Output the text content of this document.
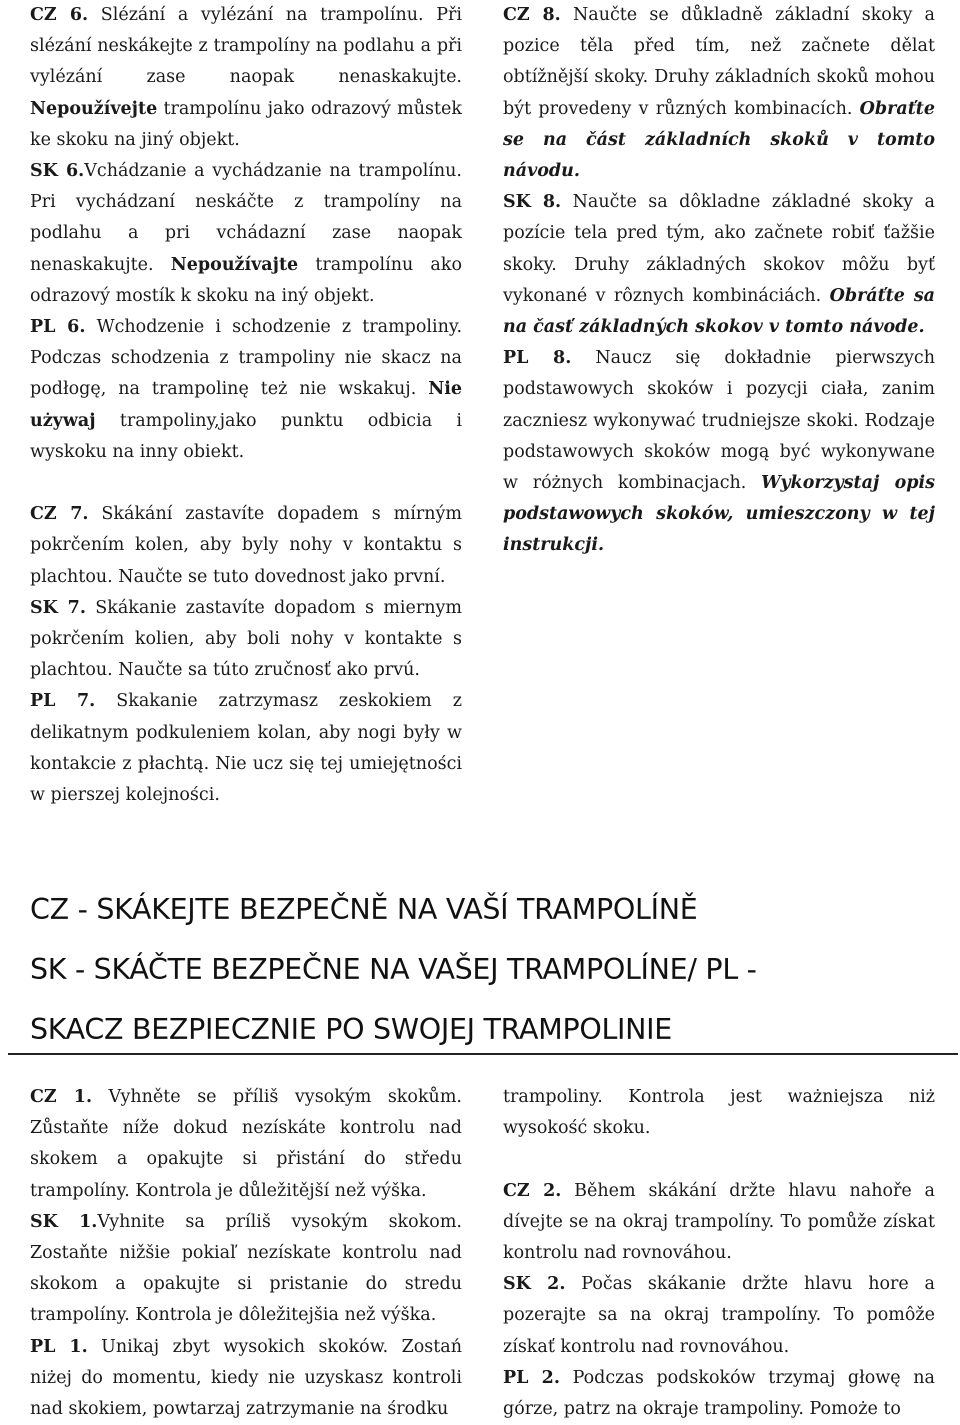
CZ 6. Slézání a vylézání na trampolínu. Při slézání neskákejte z trampolíny na podlahu a při vylézání zase naopak nenaskakujte. Nepoužívejte trampolínu jako odrazový můstek ke skoku na jiný objekt.

SK 6.Vchádzanie a vychádzanie na trampolínu. Pri vychádzaní neskáčte z trampolíny na podlahu a pri vchádazní zase naopak nenaskakujte. Nepoužívajte trampolínu ako odrazový mostík k skoku na iný objekt.

PL 6. Wchodzenie i schodzenie z trampoliny. Podczas schodzenia z trampoliny nie skacz na podłogę, na trampolinę też nie wskakuj. Nie używaj trampoliny,jako punktu odbicia i wyskoku na inny obiekt.

CZ 7. Skákání zastavíte dopadem s mírným pokrčením kolen, aby byly nohy v kontaktu s plachtou. Naučte se tuto dovednost jako první.

SK 7. Skákanie zastavíte dopadom s miernym pokrčením kolien, aby boli nohy v kontakte s plachtou. Naučte sa túto zručnosť ako prvú.

PL 7. Skakanie zatrzymasz zeskokiem z delikatnym podkuleniem kolan, aby nogi były w kontakcie z płachtą. Nie ucz się tej umiejętności w pierszej kolejności.

CZ 8. Naučte se důkladně základní skoky a pozice těla před tím, než začnete dělat obtížnější skoky. Druhy základních skoků mohou být provedeny v různých kombinacích. Obraťte se na část základních skoků v tomto návodu.

SK 8. Naučte sa dôkladne základné skoky a pozície tela pred tým, ako začnete robiť ťažšie skoky. Druhy základných skokov môžu byť vykonané v rôznych kombináciách. Obráťte sa na časť základných skokov v tomto návode.

PL 8. Naucz się dokładnie pierwszych podstawowych skoków i pozycji ciała, zanim zaczniesz wykonywać trudniejsze skoki. Rodzaje podstawowych skoków mogą być wykonywane w różnych kombinacjach. Wykorzystaj opis podstawowych skoków, umieszczony w tej instrukcji.

CZ - SKÁKEJTE BEZPEČNĚ NA VAŠÍ TRAMPOLÍNĚ
SK - SKÁČTE BEZPEČNE NA VAŠEJ TRAMPOLÍNE/ PL -
SKACZ BEZPIECZNIE PO SWOJEJ TRAMPOLINIE

CZ 1. Vyhněte se příliš vysokým skokům. Zůstaňte níže dokud nezískáte kontrolu nad skokem a opakujte si přistání do středu trampolíny. Kontrola je důležitější než výška.

SK 1.Vyhnite sa príliš vysokým skokom. Zostaňte nižšie pokiaľ nezískate kontrolu nad skokom a opakujte si pristanie do stredu trampolíny. Kontrola je dôležitejšia než výška.

PL 1. Unikaj zbyt wysokich skoków. Zostań niżej do momentu, kiedy nie uzyskasz kontroli nad skokiem, powtarzaj zatrzymanie na środku

trampoliny. Kontrola jest ważniejsza niż wysokość skoku.

CZ 2. Během skákání držte hlavu nahoře a dívejte se na okraj trampolíny. To pomůže získat kontrolu nad rovnováhou.

SK 2. Počas skákanie držte hlavu hore a pozerajte sa na okraj trampolíny. To pomôže získať kontrolu nad rovnováhou.

PL 2. Podczas podskoków trzymaj głowę na górze, patrz na okraje trampoliny. Pomoże to
